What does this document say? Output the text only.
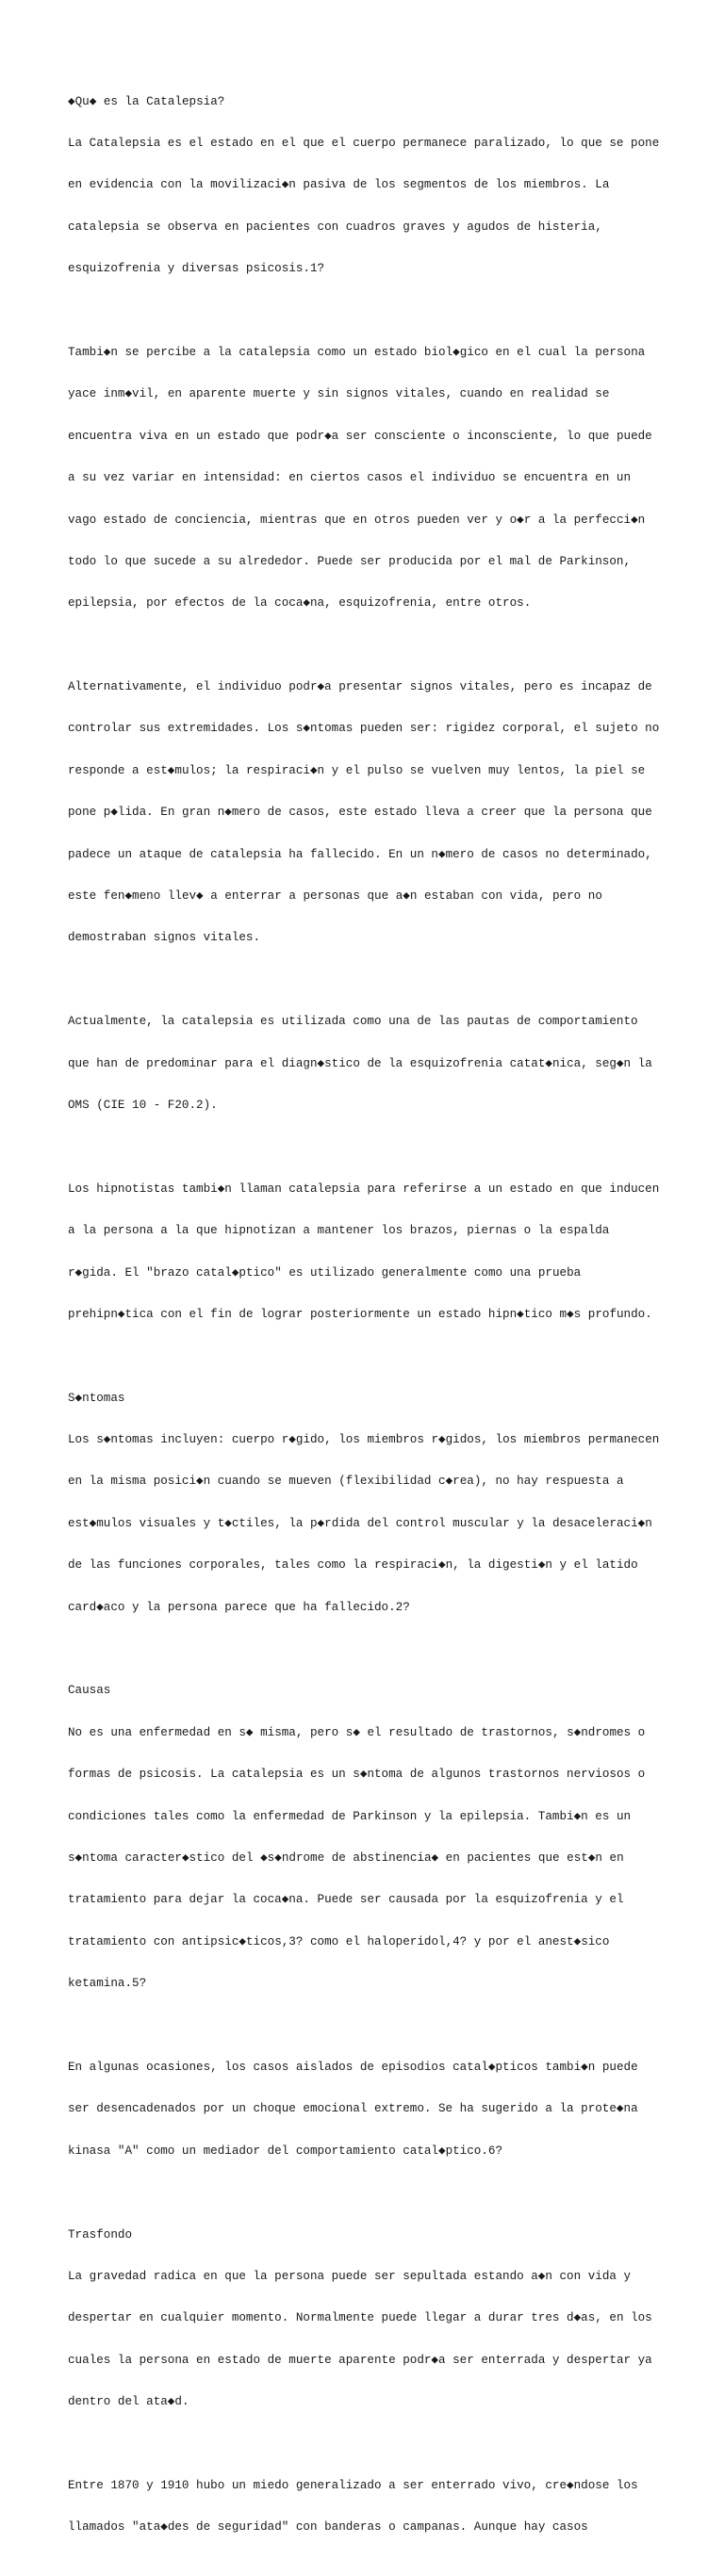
◆Qu◆ es la Catalepsia?

La Catalepsia es el estado en el que el cuerpo permanece paralizado, lo que se pone

en evidencia con la movilizaci◆n pasiva de los segmentos de los miembros. La

catalepsia se observa en pacientes con cuadros graves y agudos de histeria,

esquizofrenia y diversas psicosis.1?

Tambi◆n se percibe a la catalepsia como un estado biol◆gico en el cual la persona

yace inm◆vil, en aparente muerte y sin signos vitales, cuando en realidad se

encuentra viva en un estado que podr◆a ser consciente o inconsciente, lo que puede

a su vez variar en intensidad: en ciertos casos el individuo se encuentra en un

vago estado de conciencia, mientras que en otros pueden ver y o◆r a la perfecci◆n

todo lo que sucede a su alrededor. Puede ser producida por el mal de Parkinson,

epilepsia, por efectos de la coca◆na, esquizofrenia, entre otros.

Alternativamente, el individuo podr◆a presentar signos vitales, pero es incapaz de

controlar sus extremidades. Los s◆ntomas pueden ser: rigidez corporal, el sujeto no

responde a est◆mulos; la respiraci◆n y el pulso se vuelven muy lentos, la piel se

pone p◆lida. En gran n◆mero de casos, este estado lleva a creer que la persona que

padece un ataque de catalepsia ha fallecido. En un n◆mero de casos no determinado,

este fen◆meno llev◆ a enterrar a personas que a◆n estaban con vida, pero no

demostraban signos vitales.

Actualmente, la catalepsia es utilizada como una de las pautas de comportamiento

que han de predominar para el diagn◆stico de la esquizofrenia catat◆nica, seg◆n la

OMS (CIE 10 - F20.2).

Los hipnotistas tambi◆n llaman catalepsia para referirse a un estado en que inducen

a la persona a la que hipnotizan a mantener los brazos, piernas o la espalda

r◆gida. El "brazo catal◆ptico" es utilizado generalmente como una prueba

prehipn◆tica con el fin de lograr posteriormente un estado hipn◆tico m◆s profundo.

S◆ntomas

Los s◆ntomas incluyen: cuerpo r◆gido, los miembros r◆gidos, los miembros permanecen

en la misma posici◆n cuando se mueven (flexibilidad c◆rea), no hay respuesta a

est◆mulos visuales y t◆ctiles, la p◆rdida del control muscular y la desaceleraci◆n

de las funciones corporales, tales como la respiraci◆n, la digesti◆n y el latido

card◆aco y la persona parece que ha fallecido.2?

Causas

No es una enfermedad en s◆ misma, pero s◆ el resultado de trastornos, s◆ndromes o

formas de psicosis. La catalepsia es un s◆ntoma de algunos trastornos nerviosos o

condiciones tales como la enfermedad de Parkinson y la epilepsia. Tambi◆n es un

s◆ntoma caracter◆stico del ◆s◆ndrome de abstinencia◆ en pacientes que est◆n en

tratamiento para dejar la coca◆na. Puede ser causada por la esquizofrenia y el

tratamiento con antipsic◆ticos,3? como el haloperidol,4? y por el anest◆sico

ketamina.5?

En algunas ocasiones, los casos aislados de episodios catal◆pticos tambi◆n puede

ser desencadenados por un choque emocional extremo. Se ha sugerido a la prote◆na

kinasa "A" como un mediador del comportamiento catal◆ptico.6?

Trasfondo

La gravedad radica en que la persona puede ser sepultada estando a◆n con vida y

despertar en cualquier momento. Normalmente puede llegar a durar tres d◆as, en los

cuales la persona en estado de muerte aparente podr◆a ser enterrada y despertar ya

dentro del ata◆d.

Entre 1870 y 1910 hubo un miedo generalizado a ser enterrado vivo, cre◆ndose los

llamados "ata◆des de seguridad" con banderas o campanas. Aunque hay casos
